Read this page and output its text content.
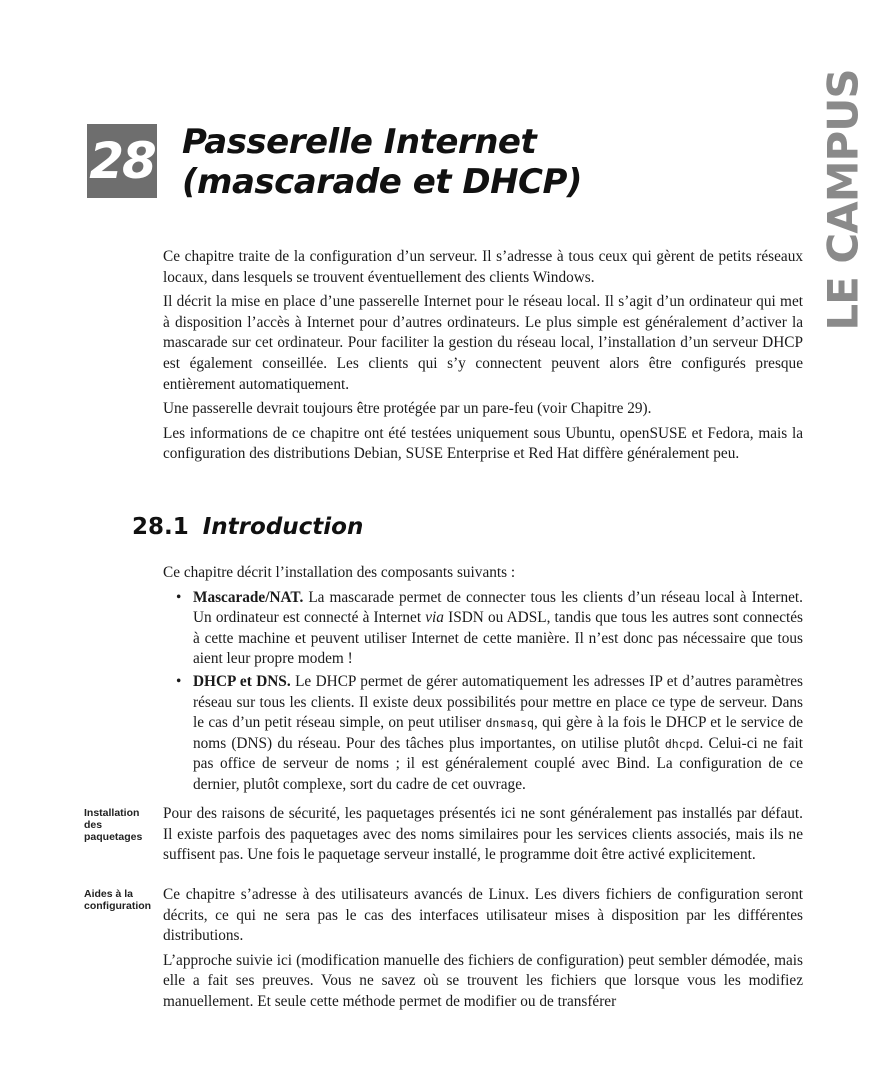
28 Passerelle Internet
(mascarade et DHCP)	LE CAMPUS

Ce chapitre traite de la configuration d’un serveur. Il s’adresse à tous ceux qui gèrent de petits réseaux locaux, dans lesquels se trouvent éventuellement des clients Windows.

Il décrit la mise en place d’une passerelle Internet pour le réseau local. Il s’agit d’un ordinateur qui met à disposition l’accès à Internet pour d’autres ordinateurs. Le plus simple est généralement d’activer la mascarade sur cet ordinateur. Pour faciliter la gestion du réseau local, l’installation d’un serveur DHCP est également conseillée. Les clients qui s’y connectent peuvent alors être configurés presque entièrement automatiquement.

Une passerelle devrait toujours être protégée par un pare-feu (voir Chapitre 29).

Les informations de ce chapitre ont été testées uniquement sous Ubuntu, openSUSE et Fedora, mais la configuration des distributions Debian, SUSE Enterprise et Red Hat diffère généralement peu.

28.1 Introduction

Ce chapitre décrit l’installation des composants suivants :

• Mascarade/NAT. La mascarade permet de connecter tous les clients d’un réseau local à Internet. Un ordinateur est connecté à Internet via ISDN ou ADSL, tandis que tous les autres sont connectés à cette machine et peuvent utiliser Internet de cette manière. Il n’est donc pas nécessaire que tous aient leur propre modem !
• DHCP et DNS. Le DHCP permet de gérer automatiquement les adresses IP et d’autres paramètres réseau sur tous les clients. Il existe deux possibilités pour mettre en place ce type de serveur. Dans le cas d’un petit réseau simple, on peut utiliser dnsmasq, qui gère à la fois le DHCP et le service de noms (DNS) du réseau. Pour des tâches plus importantes, on utilise plutôt dhcpd. Celui-ci ne fait pas office de serveur de noms ; il est généralement couplé avec Bind. La configuration de ce dernier, plutôt complexe, sort du cadre de cet ouvrage.
Installation des paquetages

Pour des raisons de sécurité, les paquetages présentés ici ne sont généralement pas installés par défaut. Il existe parfois des paquetages avec des noms similaires pour les services clients associés, mais ils ne suffisent pas. Une fois le paquetage serveur installé, le programme doit être activé explicitement.

Aides à la configuration

Ce chapitre s’adresse à des utilisateurs avancés de Linux. Les divers fichiers de configuration seront décrits, ce qui ne sera pas le cas des interfaces utilisateur mises à disposition par les différentes distributions.

L’approche suivie ici (modification manuelle des fichiers de configuration) peut sembler démodée, mais elle a fait ses preuves. Vous ne savez où se trouvent les fichiers que lorsque vous les modifiez manuellement. Et seule cette méthode permet de modifier ou de transférer
